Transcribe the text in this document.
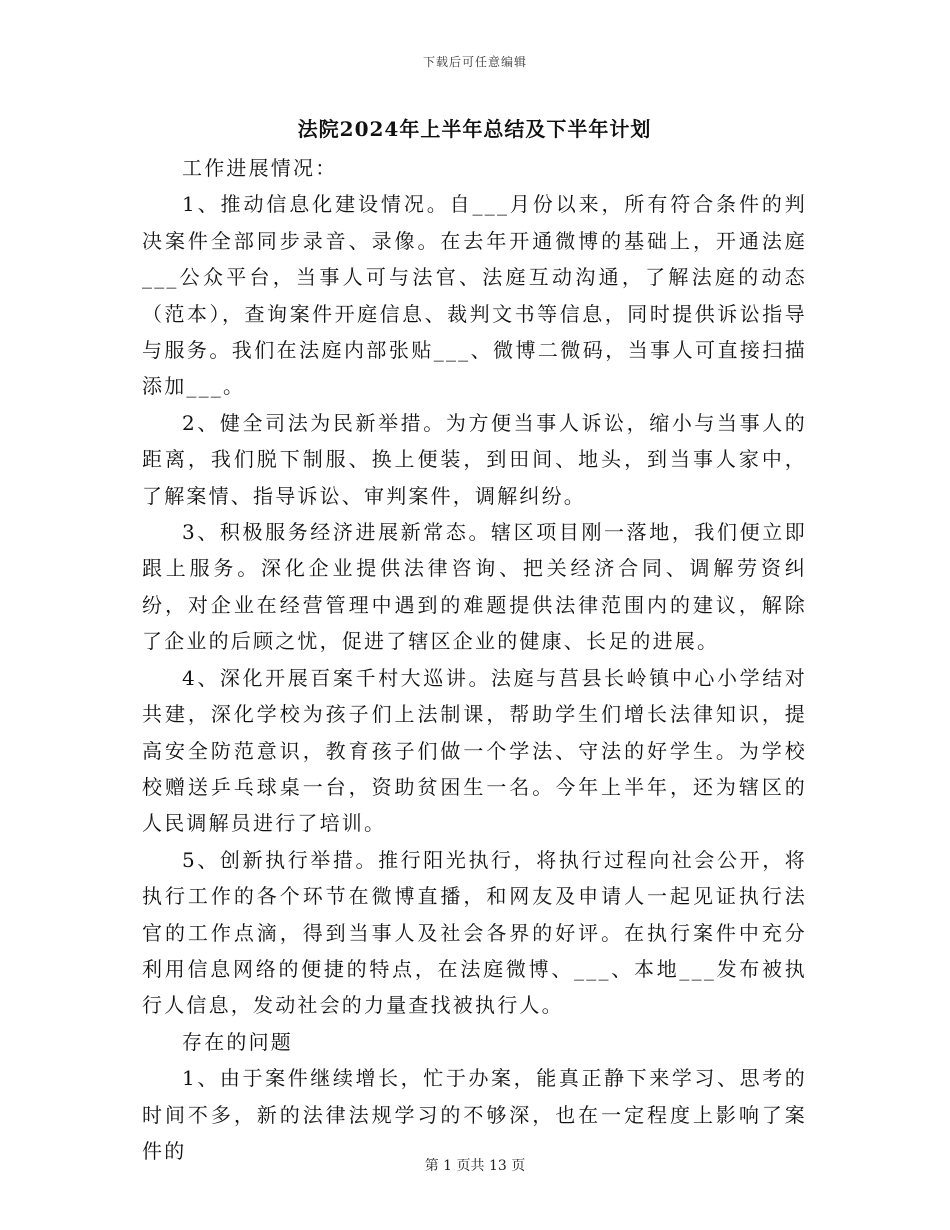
下载后可任意编辑
法院2024年上半年总结及下半年计划

工作进展情况：

1、推动信息化建设情况。自___月份以来，所有符合条件的判决案件全部同步录音、录像。在去年开通微博的基础上，开通法庭___公众平台，当事人可与法官、法庭互动沟通，了解法庭的动态（范本），查询案件开庭信息、裁判文书等信息，同时提供诉讼指导与服务。我们在法庭内部张贴___、微博二微码，当事人可直接扫描添加___。

2、健全司法为民新举措。为方便当事人诉讼，缩小与当事人的距离，我们脱下制服、换上便装，到田间、地头，到当事人家中，了解案情、指导诉讼、审判案件，调解纠纷。

3、积极服务经济进展新常态。辖区项目刚一落地，我们便立即跟上服务。深化企业提供法律咨询、把关经济合同、调解劳资纠纷，对企业在经营管理中遇到的难题提供法律范围内的建议，解除了企业的后顾之忧，促进了辖区企业的健康、长足的进展。

4、深化开展百案千村大巡讲。法庭与莒县长岭镇中心小学结对共建，深化学校为孩子们上法制课，帮助学生们增长法律知识，提高安全防范意识，教育孩子们做一个学法、守法的好学生。为学校校赠送乒乓球桌一台，资助贫困生一名。今年上半年，还为辖区的人民调解员进行了培训。

5、创新执行举措。推行阳光执行，将执行过程向社会公开，将执行工作的各个环节在微博直播，和网友及申请人一起见证执行法官的工作点滴，得到当事人及社会各界的好评。在执行案件中充分利用信息网络的便捷的特点，在法庭微博、___、本地___发布被执行人信息，发动社会的力量查找被执行人。

存在的问题

1、由于案件继续增长，忙于办案，能真正静下来学习、思考的时间不多，新的法律法规学习的不够深，也在一定程度上影响了案件的

第 1 页共 13 页
